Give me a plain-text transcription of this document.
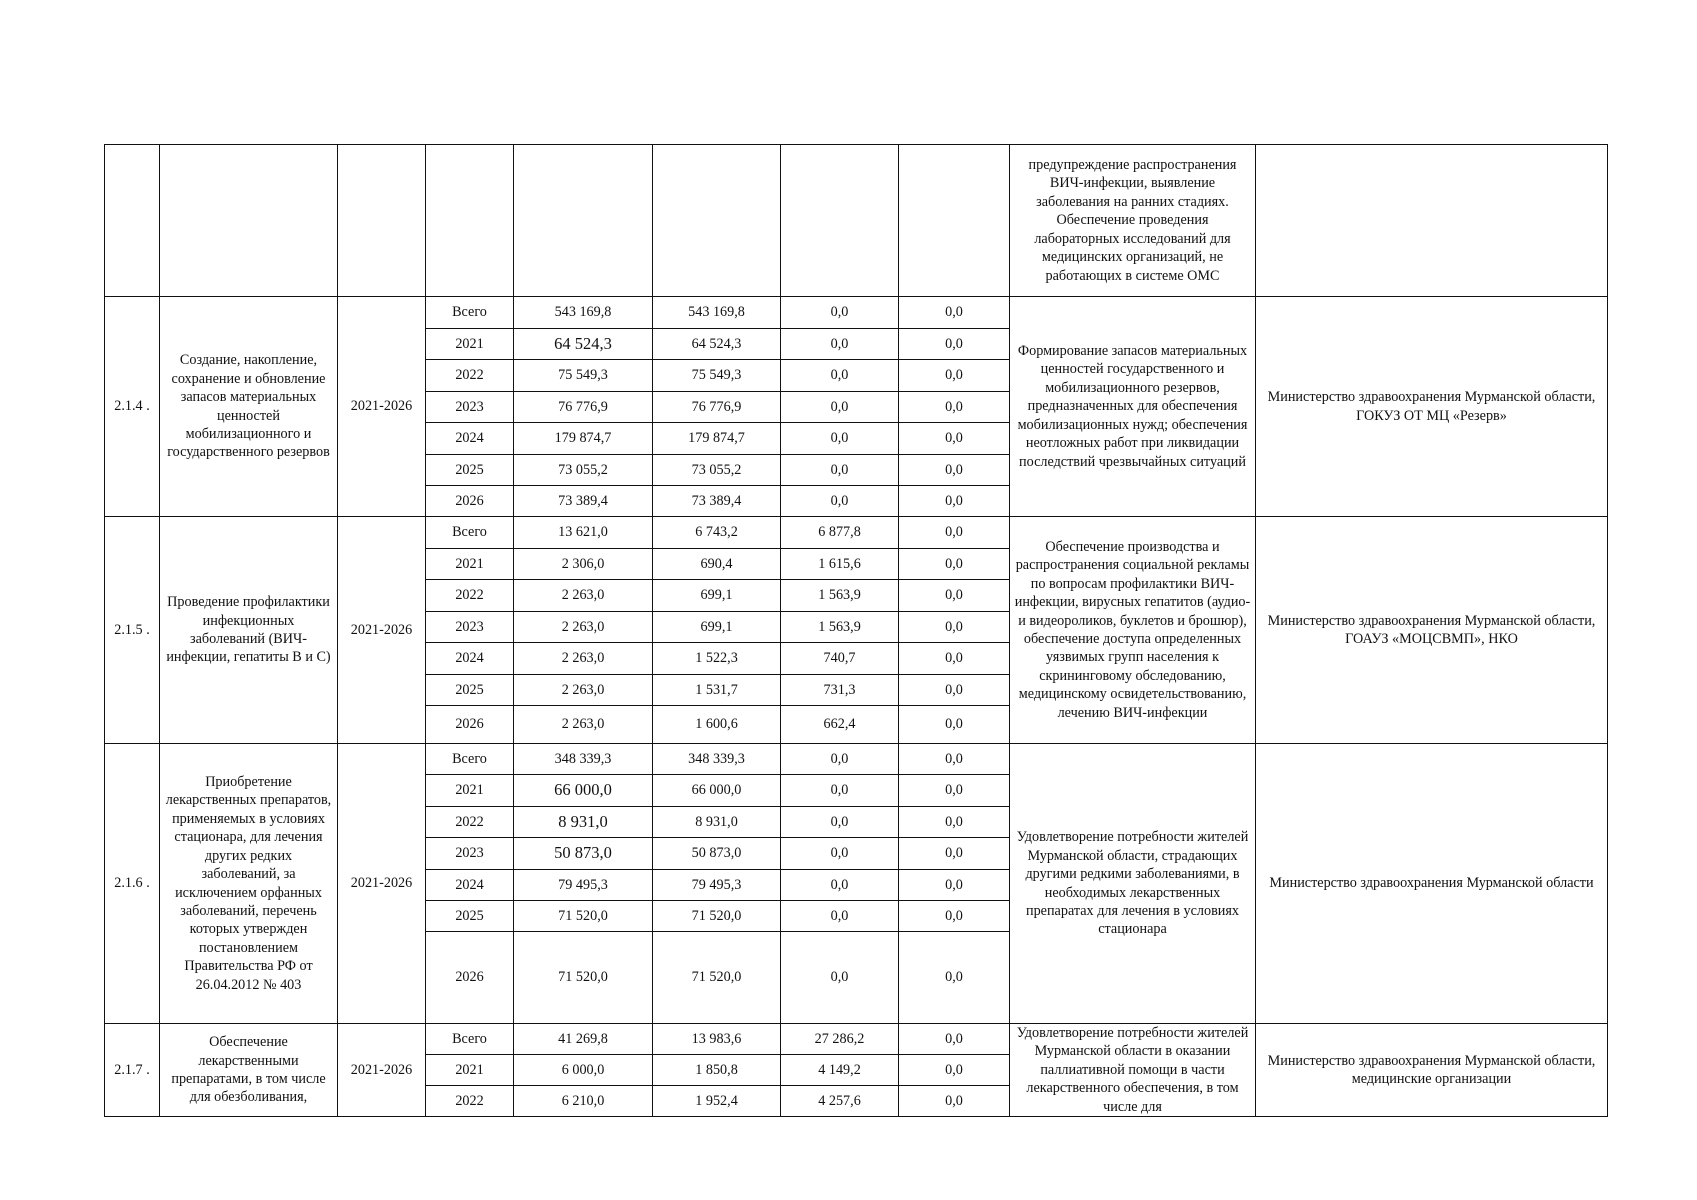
								предупреждение распространения ВИЧ-инфекции, выявление заболевания на ранних стадиях. Обеспечение проведения лабораторных исследований для медицинских организаций, не работающих в системе ОМС	
2.1.4 .	Создание, накопление, сохранение и обновление запасов материальных ценностей мобилизационного и государственного резервов	2021-2026	Всего	543 169,8	543 169,8	0,0	0,0	Формирование запасов материальных ценностей государственного и мобилизационного резервов, предназначенных для обеспечения мобилизационных нужд; обеспечения неотложных работ при ликвидации последствий чрезвычайных ситуаций	Министерство здравоохранения Мурманской области, ГОКУЗ ОТ МЦ «Резерв»
			2021	64 524,3	64 524,3	0,0	0,0		
			2022	75 549,3	75 549,3	0,0	0,0		
			2023	76 776,9	76 776,9	0,0	0,0		
			2024	179 874,7	179 874,7	0,0	0,0		
			2025	73 055,2	73 055,2	0,0	0,0		
			2026	73 389,4	73 389,4	0,0	0,0		
2.1.5 .	Проведение профилактики инфекционных заболеваний (ВИЧ-инфекции, гепатиты В и С)	2021-2026	Всего	13 621,0	6 743,2	6 877,8	0,0	Обеспечение производства и распространения социальной рекламы по вопросам профилактики ВИЧ-инфекции, вирусных гепатитов (аудио- и видеороликов, буклетов и брошюр), обеспечение доступа определенных уязвимых групп населения к скрининговому обследованию, медицинскому освидетельствованию, лечению ВИЧ-инфекции	Министерство здравоохранения Мурманской области, ГОАУЗ «МОЦСВМП», НКО
			2021	2 306,0	690,4	1 615,6	0,0		
			2022	2 263,0	699,1	1 563,9	0,0		
			2023	2 263,0	699,1	1 563,9	0,0		
			2024	2 263,0	1 522,3	740,7	0,0		
			2025	2 263,0	1 531,7	731,3	0,0		
			2026	2 263,0	1 600,6	662,4	0,0		
2.1.6 .	Приобретение лекарственных препаратов, применяемых в условиях стационара, для лечения других редких заболеваний, за исключением орфанных заболеваний, перечень которых утвержден постановлением Правительства РФ от 26.04.2012 № 403	2021-2026	Всего	348 339,3	348 339,3	0,0	0,0	Удовлетворение потребности жителей Мурманской области, страдающих другими редкими заболеваниями, в необходимых лекарственных препаратах для лечения в условиях стационара	Министерство здравоохранения Мурманской области
			2021	66 000,0	66 000,0	0,0	0,0		
			2022	8 931,0	8 931,0	0,0	0,0		
			2023	50 873,0	50 873,0	0,0	0,0		
			2024	79 495,3	79 495,3	0,0	0,0		
			2025	71 520,0	71 520,0	0,0	0,0		
			2026	71 520,0	71 520,0	0,0	0,0		
2.1.7 .	Обеспечение лекарственными препаратами, в том числе для обезболивания,	2021-2026	Всего	41 269,8	13 983,6	27 286,2	0,0	Удовлетворение потребности жителей Мурманской области в оказании паллиативной помощи в части лекарственного обеспечения, в том числе для	Министерство здравоохранения Мурманской области, медицинские организации
			2021	6 000,0	1 850,8	4 149,2	0,0		
			2022	6 210,0	1 952,4	4 257,6	0,0		
